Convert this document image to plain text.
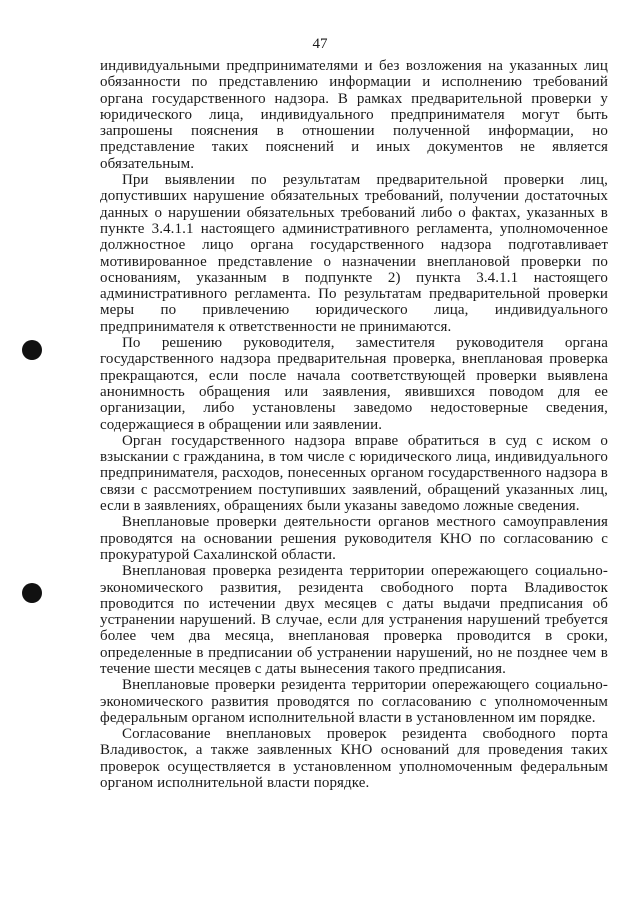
47

индивидуальными предпринимателями и без возложения на указанных лиц обязанности по представлению информации и исполнению требований органа государственного надзора. В рамках предварительной проверки у юридического лица, индивидуального предпринимателя могут быть запрошены пояснения в отношении полученной информации, но представление таких пояснений и иных документов не является обязательным.

При выявлении по результатам предварительной проверки лиц, допустивших нарушение обязательных требований, получении достаточных данных о нарушении обязательных требований либо о фактах, указанных в пункте 3.4.1.1 настоящего административного регламента, уполномоченное должностное лицо органа государственного надзора подготавливает мотивированное представление о назначении внеплановой проверки по основаниям, указанным в подпункте 2) пункта 3.4.1.1 настоящего административного регламента. По результатам предварительной проверки меры по привлечению юридического лица, индивидуального предпринимателя к ответственности не принимаются.

По решению руководителя, заместителя руководителя органа государственного надзора предварительная проверка, внеплановая проверка прекращаются, если после начала соответствующей проверки выявлена анонимность обращения или заявления, явившихся поводом для ее организации, либо установлены заведомо недостоверные сведения, содержащиеся в обращении или заявлении.

Орган государственного надзора вправе обратиться в суд с иском о взыскании с гражданина, в том числе с юридического лица, индивидуального предпринимателя, расходов, понесенных органом государственного надзора в связи с рассмотрением поступивших заявлений, обращений указанных лиц, если в заявлениях, обращениях были указаны заведомо ложные сведения.

Внеплановые проверки деятельности органов местного самоуправления проводятся на основании решения руководителя КНО по согласованию с прокуратурой Сахалинской области.

Внеплановая проверка резидента территории опережающего социально-экономического развития, резидента свободного порта Владивосток проводится по истечении двух месяцев с даты выдачи предписания об устранении нарушений. В случае, если для устранения нарушений требуется более чем два месяца, внеплановая проверка проводится в сроки, определенные в предписании об устранении нарушений, но не позднее чем в течение шести месяцев с даты вынесения такого предписания.

Внеплановые проверки резидента территории опережающего социально-экономического развития проводятся по согласованию с уполномоченным федеральным органом исполнительной власти в установленном им порядке.

Согласование внеплановых проверок резидента свободного порта Владивосток, а также заявленных КНО оснований для проведения таких проверок осуществляется в установленном уполномоченным федеральным органом исполнительной власти порядке.
